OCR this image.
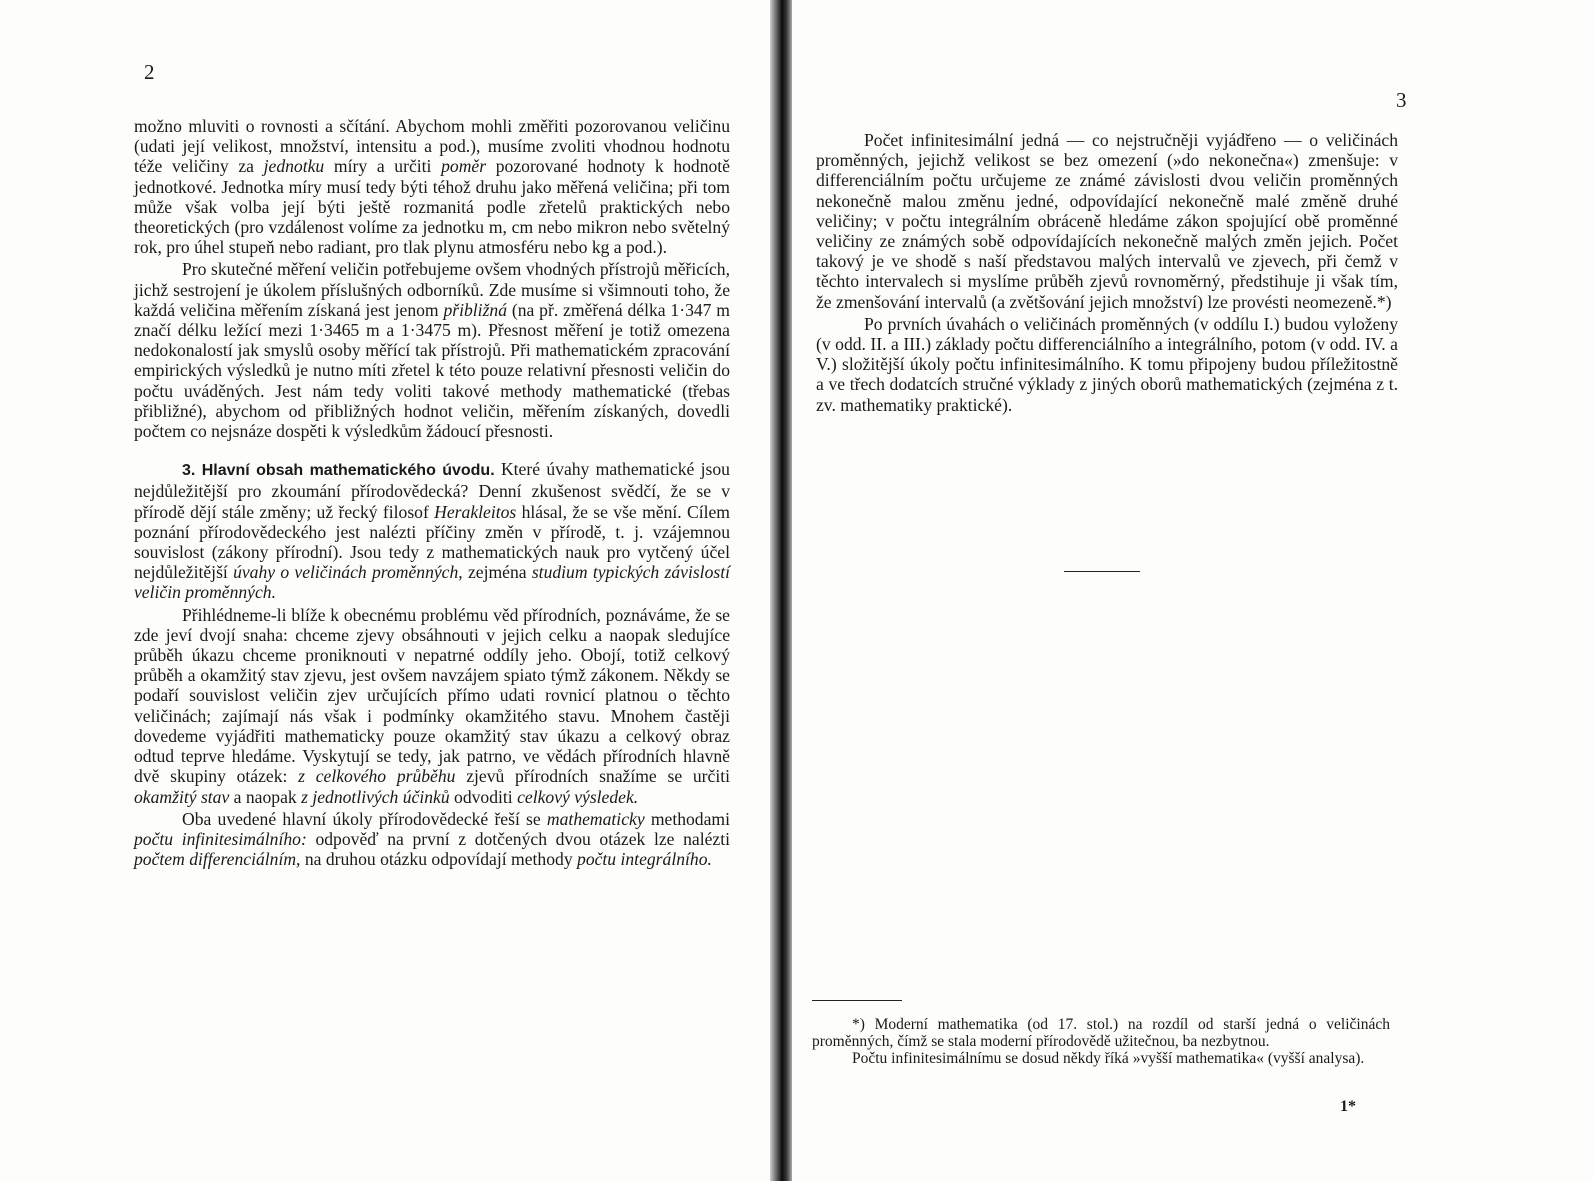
2

možno mluviti o rovnosti a sčítání. Abychom mohli změřiti pozorovanou veličinu (udati její velikost, množství, intensitu a pod.), musíme zvoliti vhodnou hodnotu téže veličiny za jednotku míry a určiti poměr pozorované hodnoty k hodnotě jednotkové. Jednotka míry musí tedy býti téhož druhu jako měřená veličina; při tom může však volba její býti ještě rozmanitá podle zřetelů praktických nebo theoretických (pro vzdálenost volíme za jednotku m, cm nebo mikron nebo světelný rok, pro úhel stupeň nebo radiant, pro tlak plynu atmosféru nebo kg a pod.).

Pro skutečné měření veličin potřebujeme ovšem vhodných přístrojů měřicích, jichž sestrojení je úkolem příslušných odborníků. Zde musíme si všimnouti toho, že každá veličina měřením získaná jest jenom přibližná (na př. změřená délka 1·347 m značí délku ležící mezi 1·3465 m a 1·3475 m). Přesnost měření je totiž omezena nedokonalostí jak smyslů osoby měřící tak přístrojů. Při mathematickém zpracování empirických výsledků je nutno míti zřetel k této pouze relativní přesnosti veličin do počtu uváděných. Jest nám tedy voliti takové methody mathematické (třebas přibližné), abychom od přibližných hodnot veličin, měřením získaných, dovedli počtem co nejsnáze dospěti k výsledkům žádoucí přesnosti.

3. Hlavní obsah mathematického úvodu. Které úvahy mathematické jsou nejdůležitější pro zkoumání přírodovědecká? Denní zkušenost svědčí, že se v přírodě dějí stále změny; už řecký filosof Herakleitos hlásal, že se vše mění. Cílem poznání přírodovědeckého jest nalézti příčiny změn v přírodě, t. j. vzájemnou souvislost (zákony přírodní). Jsou tedy z mathematických nauk pro vytčený účel nejdůležitější úvahy o veličinách proměnných, zejména studium typických závislostí veličin proměnných.

Přihlédneme-li blíže k obecnému problému věd přírodních, poznáváme, že se zde jeví dvojí snaha: chceme zjevy obsáhnouti v jejich celku a naopak sledujíce průběh úkazu chceme proniknouti v nepatrné oddíly jeho. Obojí, totiž celkový průběh a okamžitý stav zjevu, jest ovšem navzájem spiato týmž zákonem. Někdy se podaří souvislost veličin zjev určujících přímo udati rovnicí platnou o těchto veličinách; zajímají nás však i podmínky okamžitého stavu. Mnohem častěji dovedeme vyjádřiti mathematicky pouze okamžitý stav úkazu a celkový obraz odtud teprve hledáme. Vyskytují se tedy, jak patrno, ve vědách přírodních hlavně dvě skupiny otázek: z celkového průběhu zjevů přírodních snažíme se určiti okamžitý stav a naopak z jednotlivých účinků odvoditi celkový výsledek.

Oba uvedené hlavní úkoly přírodovědecké řeší se mathematicky methodami počtu infinitesimálního: odpověď na první z dotčených dvou otázek lze nalézti počtem differenciálním, na druhou otázku odpovídají methody počtu integrálního.

3

Počet infinitesimální jedná — co nejstručněji vyjádřeno — o veličinách proměnných, jejichž velikost se bez omezení (»do nekonečna«) zmenšuje: v differenciálním počtu určujeme ze známé závislosti dvou veličin proměnných nekonečně malou změnu jedné, odpovídající nekonečně malé změně druhé veličiny; v počtu integrálním obráceně hledáme zákon spojující obě proměnné veličiny ze známých sobě odpovídajících nekonečně malých změn jejich. Počet takový je ve shodě s naší představou malých intervalů ve zjevech, při čemž v těchto intervalech si myslíme průběh zjevů rovnoměrný, předstihuje ji však tím, že zmenšování intervalů (a zvětšování jejich množství) lze provésti neomezeně.*)

Po prvních úvahách o veličinách proměnných (v oddílu I.) budou vyloženy (v odd. II. a III.) základy počtu differenciálního a integrálního, potom (v odd. IV. a V.) složitější úkoly počtu infinitesimálního. K tomu připojeny budou příležitostně a ve třech dodatcích stručné výklady z jiných oborů mathematických (zejména z t. zv. mathematiky praktické).

*) Moderní mathematika (od 17. stol.) na rozdíl od starší jedná o veličinách proměnných, čímž se stala moderní přírodovědě užitečnou, ba nezbytnou.

Počtu infinitesimálnímu se dosud někdy říká »vyšší mathematika« (vyšší analysa).

1*
